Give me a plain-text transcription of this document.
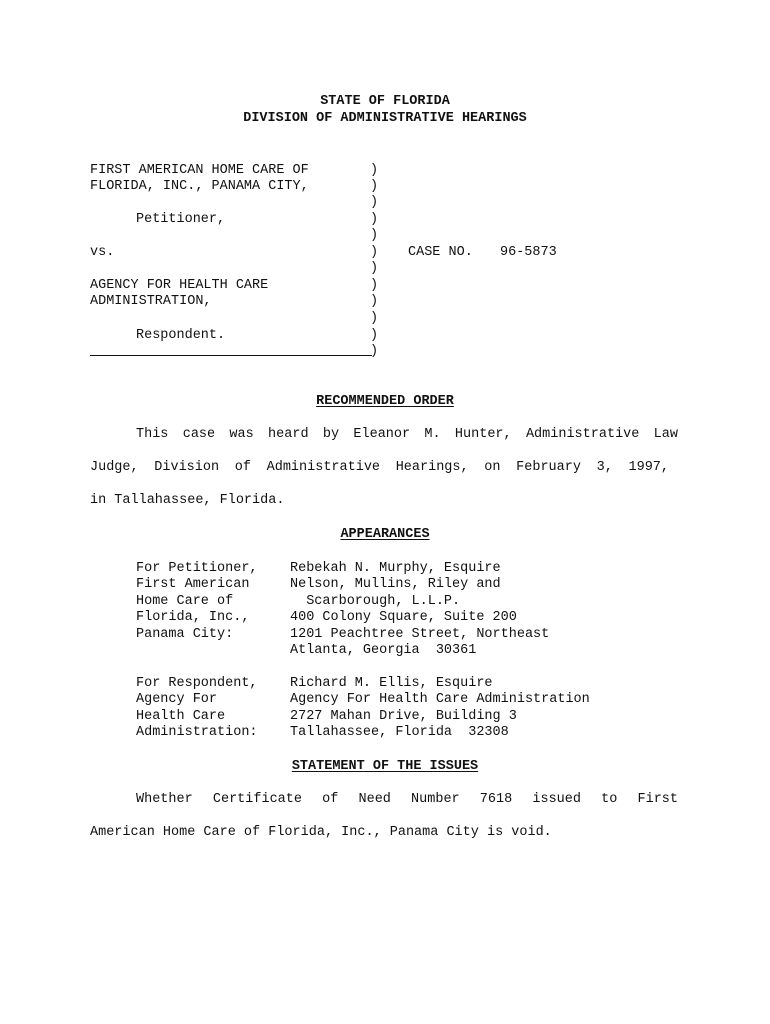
STATE OF FLORIDA
DIVISION OF ADMINISTRATIVE HEARINGS
FIRST AMERICAN HOME CARE OF
FLORIDA, INC., PANAMA CITY,
Petitioner,
vs.
AGENCY FOR HEALTH CARE
ADMINISTRATION,
Respondent.
)
)
)
)
)
)
)
)
)
)
)
)
CASE NO. 96-5873
RECOMMENDED ORDER
This case was heard by Eleanor M. Hunter, Administrative Law
Judge, Division of Administrative Hearings, on February 3, 1997,
in Tallahassee, Florida.
APPEARANCES
For Petitioner,
First American
Home Care of
Florida, Inc.,
Panama City:
Rebekah N. Murphy, Esquire
Nelson, Mullins, Riley and
Scarborough, L.L.P.
400 Colony Square, Suite 200
1201 Peachtree Street, Northeast
Atlanta, Georgia  30361
For Respondent,
Agency For
Health Care
Administration:
Richard M. Ellis, Esquire
Agency For Health Care Administration
2727 Mahan Drive, Building 3
Tallahassee, Florida  32308
STATEMENT OF THE ISSUES
Whether Certificate of Need Number 7618 issued to First
American Home Care of Florida, Inc., Panama City is void.
